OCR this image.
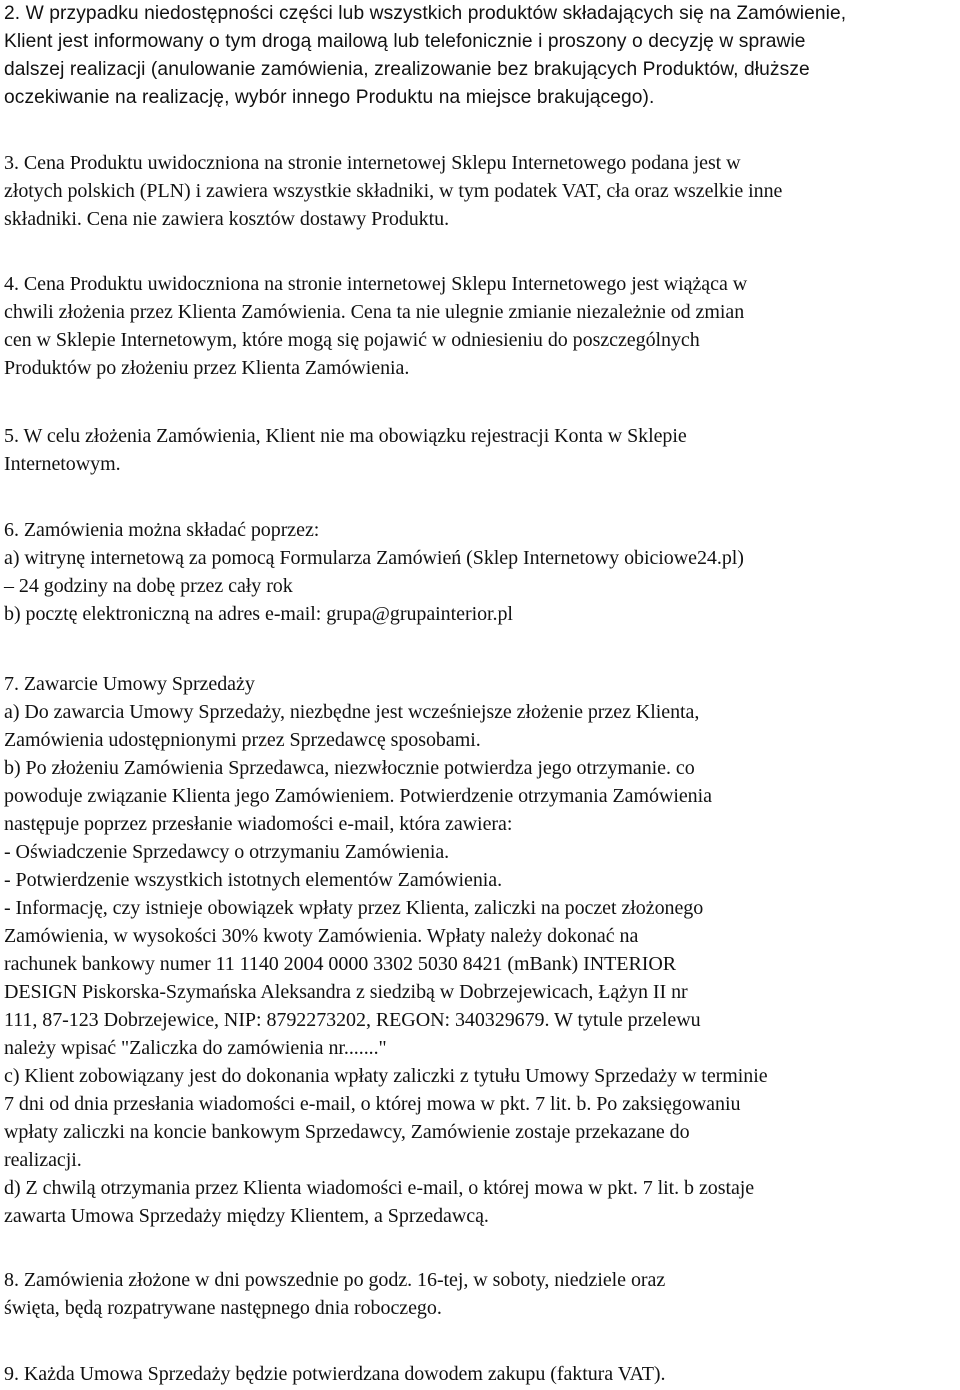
2. W przypadku niedostępności części lub wszystkich produktów składających się na Zamówienie,
Klient jest informowany o tym drogą mailową lub telefonicznie i proszony o decyzję w sprawie
dalszej realizacji (anulowanie zamówienia, zrealizowanie bez brakujących Produktów, dłuższe
oczekiwanie na realizację, wybór innego Produktu na miejsce brakującego).
3. Cena Produktu uwidoczniona na stronie internetowej Sklepu Internetowego podana jest w
złotych polskich (PLN) i zawiera wszystkie składniki, w tym podatek VAT, cła oraz wszelkie inne
składniki. Cena nie zawiera kosztów dostawy Produktu.
4. Cena Produktu uwidoczniona na stronie internetowej Sklepu Internetowego jest wiążąca w
chwili złożenia przez Klienta Zamówienia. Cena ta nie ulegnie zmianie niezależnie od zmian
cen w Sklepie Internetowym, które mogą się pojawić w odniesieniu do poszczególnych
Produktów po złożeniu przez Klienta Zamówienia.
5. W celu złożenia Zamówienia, Klient nie ma obowiązku rejestracji Konta w Sklepie
Internetowym.
6. Zamówienia można składać poprzez:
a) witrynę internetową za pomocą Formularza Zamówień (Sklep Internetowy obiciowe24.pl)
– 24 godziny na dobę przez cały rok
b) pocztę elektroniczną na adres e-mail: grupa@grupainterior.pl
7. Zawarcie Umowy Sprzedaży
a) Do zawarcia Umowy Sprzedaży, niezbędne jest wcześniejsze złożenie przez Klienta,
Zamówienia udostępnionymi przez Sprzedawcę sposobami.
b) Po złożeniu Zamówienia Sprzedawca, niezwłocznie potwierdza jego otrzymanie. co
powoduje związanie Klienta jego Zamówieniem. Potwierdzenie otrzymania Zamówienia
następuje poprzez przesłanie wiadomości e-mail, która zawiera:
- Oświadczenie Sprzedawcy o otrzymaniu Zamówienia.
- Potwierdzenie wszystkich istotnych elementów Zamówienia.
- Informację, czy istnieje obowiązek wpłaty przez Klienta, zaliczki na poczet złożonego
Zamówienia, w wysokości 30% kwoty Zamówienia. Wpłaty należy dokonać na
rachunek bankowy numer 11 1140 2004 0000 3302 5030 8421 (mBank) INTERIOR
DESIGN Piskorska-Szymańska Aleksandra z siedzibą w Dobrzejewicach, Łążyn II nr
111, 87-123 Dobrzejewice, NIP: 8792273202, REGON: 340329679. W tytule przelewu
należy wpisać "Zaliczka do zamówienia nr......."
c) Klient zobowiązany jest do dokonania wpłaty zaliczki z tytułu Umowy Sprzedaży w terminie
7 dni od dnia przesłania wiadomości e-mail, o której mowa w pkt. 7 lit. b. Po zaksięgowaniu
wpłaty zaliczki na koncie bankowym Sprzedawcy, Zamówienie zostaje przekazane do
realizacji.
d) Z chwilą otrzymania przez Klienta wiadomości e-mail, o której mowa w pkt. 7 lit. b zostaje
zawarta Umowa Sprzedaży między Klientem, a Sprzedawcą.
8. Zamówienia złożone w dni powszednie po godz. 16-tej, w soboty, niedziele oraz
święta, będą rozpatrywane następnego dnia roboczego.
9. Każda Umowa Sprzedaży będzie potwierdzana dowodem zakupu (faktura VAT).
